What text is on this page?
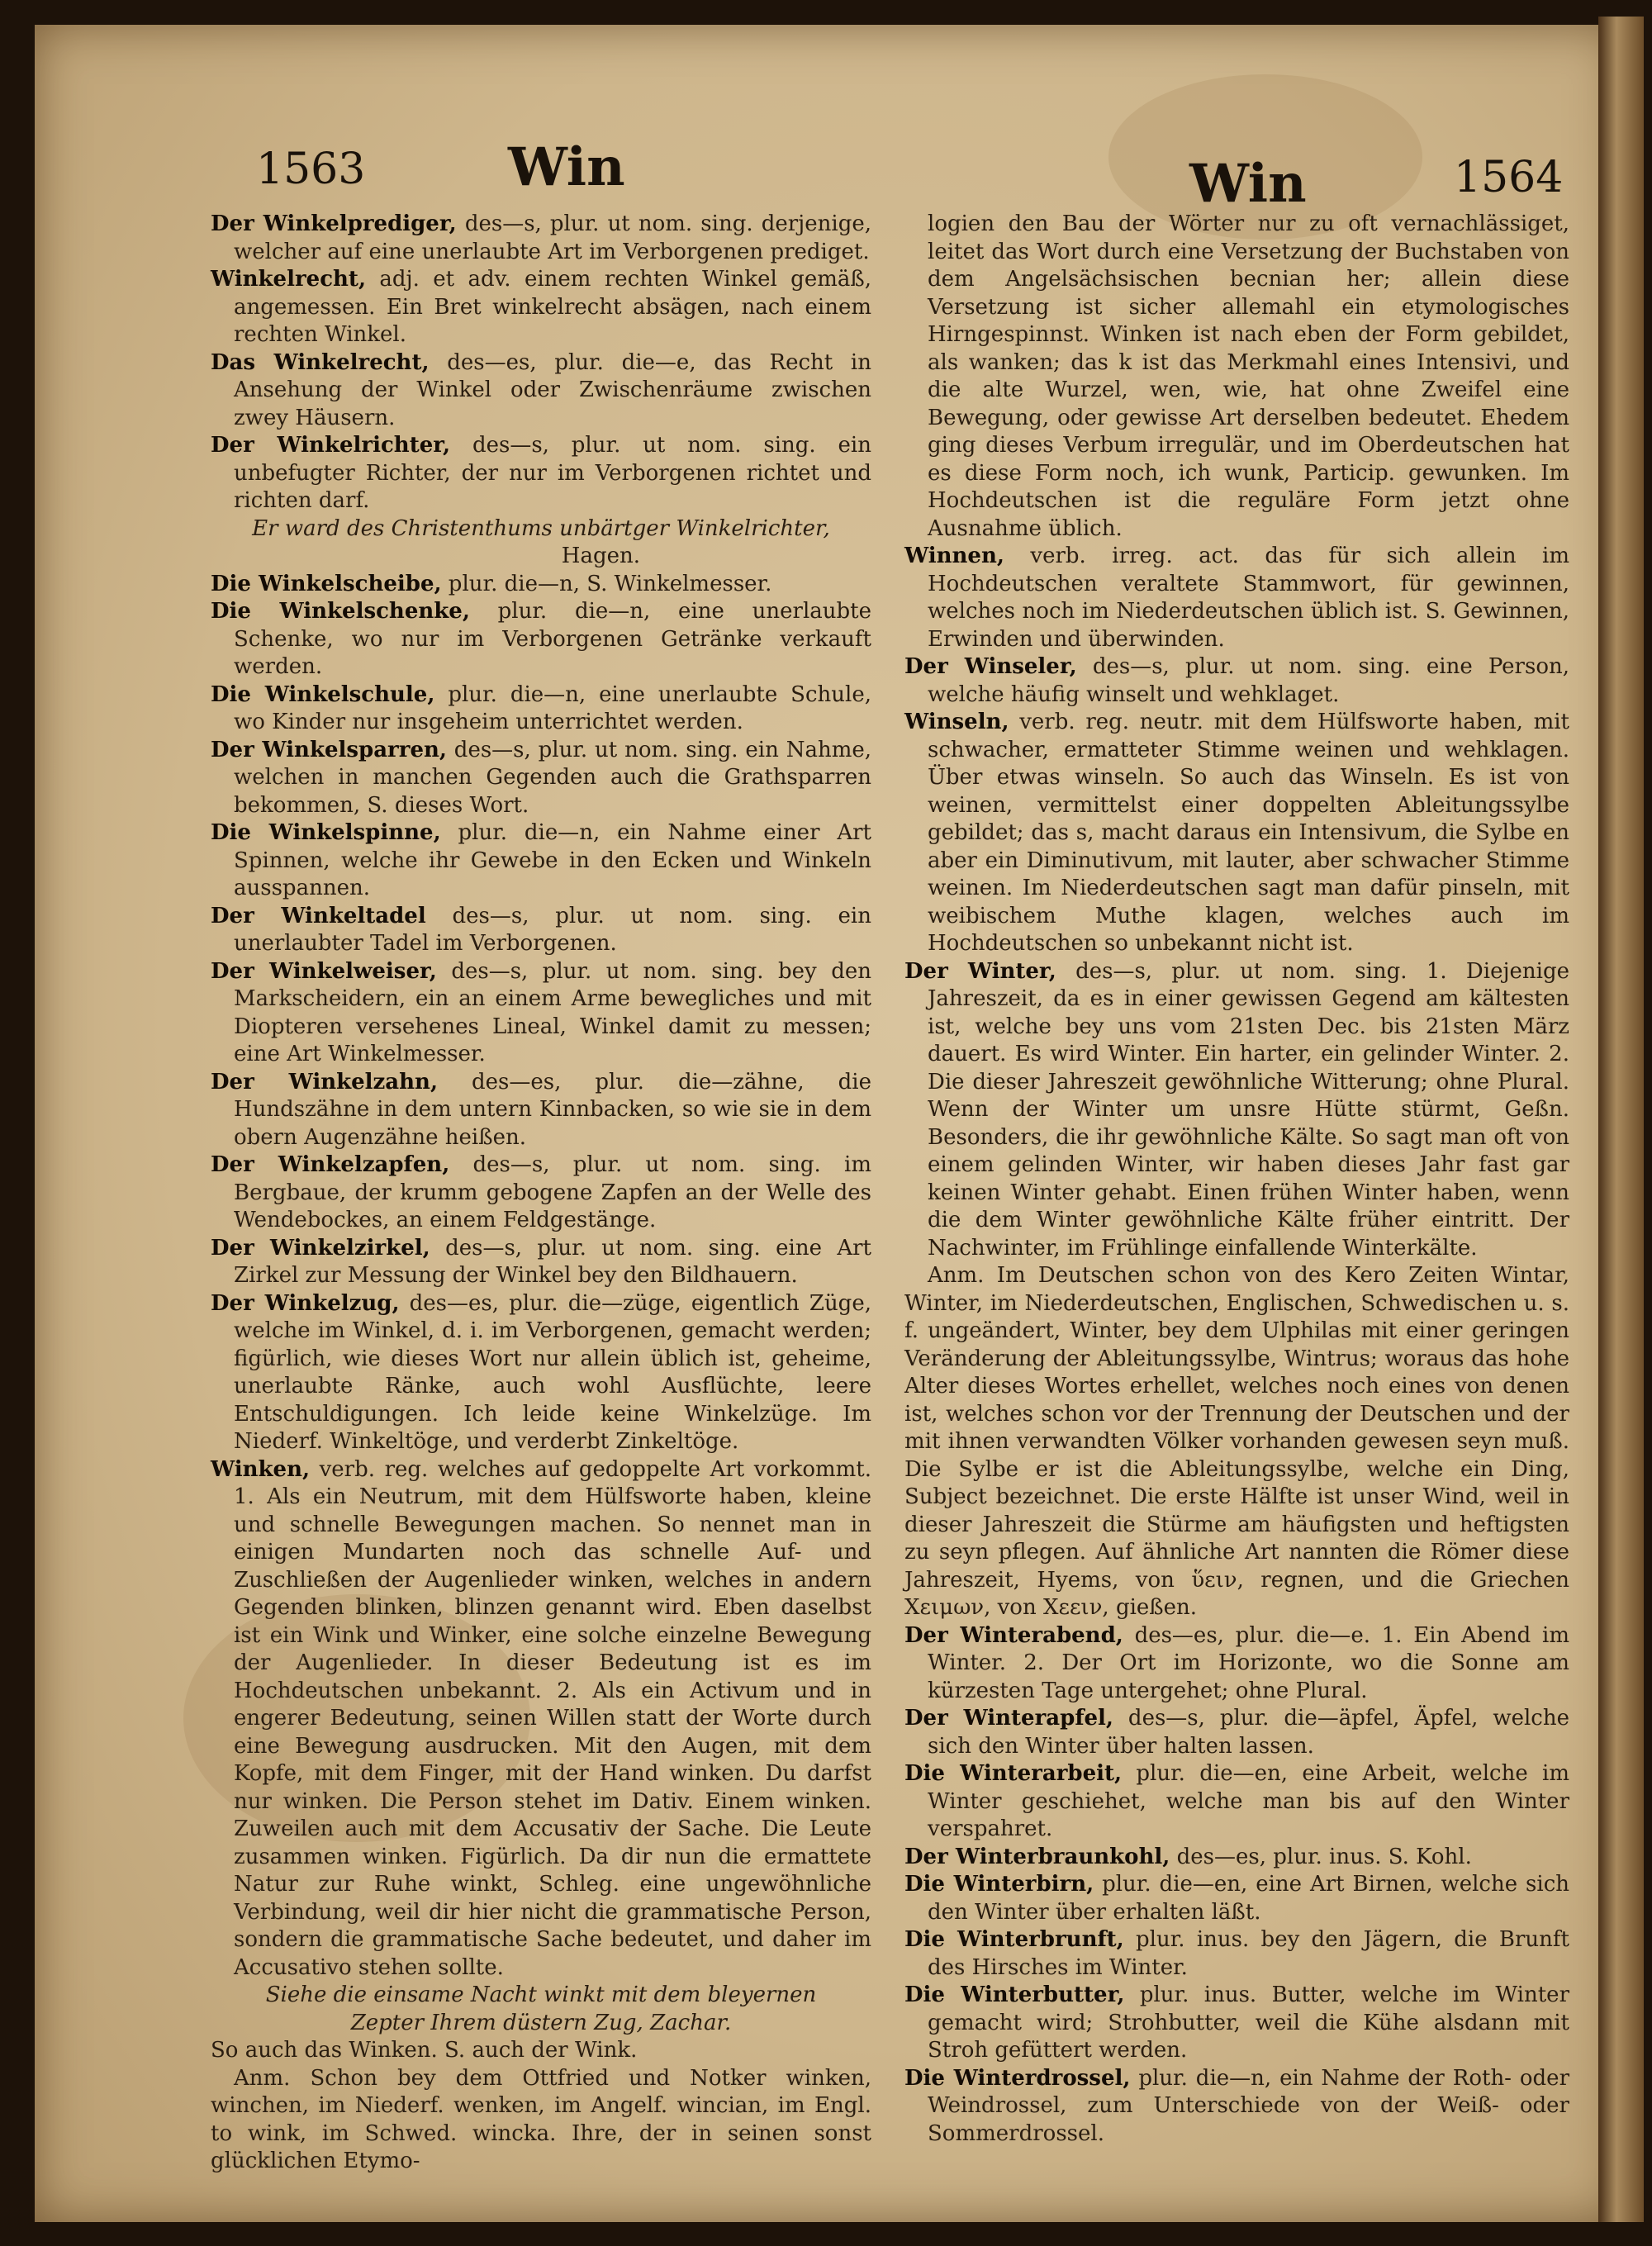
1563	Win	Win	1564
Der Winkelprediger, des—s, plur. ut nom. sing. derjenige, welcher auf eine unerlaubte Art im Verborgenen prediget.
Winkelrecht, adj. et adv. einem rechten Winkel gemäß, angemessen. Ein Bret winkelrecht absägen, nach einem rechten Winkel.
Das Winkelrecht, des—es, plur. die—e, das Recht in Ansehung der Winkel oder Zwischenräume zwischen zwey Häusern.
Der Winkelrichter, des—s, plur. ut nom. sing. ein unbefugter Richter, der nur im Verborgenen richtet und richten darf.
Er ward des Christenthums unbärtger Winkelrichter,
Hagen.
Die Winkelscheibe, plur. die—n, S. Winkelmesser.
Die Winkelschenke, plur. die—n, eine unerlaubte Schenke, wo nur im Verborgenen Getränke verkauft werden.
Die Winkelschule, plur. die—n, eine unerlaubte Schule, wo Kinder nur insgeheim unterrichtet werden.
Der Winkelsparren, des—s, plur. ut nom. sing. ein Nahme, welchen in manchen Gegenden auch die Grathsparren bekommen, S. dieses Wort.
Die Winkelspinne, plur. die—n, ein Nahme einer Art Spinnen, welche ihr Gewebe in den Ecken und Winkeln ausspannen.
Der Winkeltadel des—s, plur. ut nom. sing. ein unerlaubter Tadel im Verborgenen.
Der Winkelweiser, des—s, plur. ut nom. sing. bey den Markscheidern, ein an einem Arme bewegliches und mit Diopteren versehenes Lineal, Winkel damit zu messen; eine Art Winkelmesser.
Der Winkelzahn, des—es, plur. die—zähne, die Hundszähne in dem untern Kinnbacken, so wie sie in dem obern Augenzähne heißen.
Der Winkelzapfen, des—s, plur. ut nom. sing. im Bergbaue, der krumm gebogene Zapfen an der Welle des Wendebockes, an einem Feldgestänge.
Der Winkelzirkel, des—s, plur. ut nom. sing. eine Art Zirkel zur Messung der Winkel bey den Bildhauern.
Der Winkelzug, des—es, plur. die—züge, eigentlich Züge, welche im Winkel, d. i. im Verborgenen, gemacht werden; figürlich, wie dieses Wort nur allein üblich ist, geheime, unerlaubte Ränke, auch wohl Ausflüchte, leere Entschuldigungen. Ich leide keine Winkelzüge. Im Niederf. Winkeltöge, und verderbt Zinkeltöge.
Winken, verb. reg. welches auf gedoppelte Art vorkommt. 1. Als ein Neutrum, mit dem Hülfsworte haben, kleine und schnelle Bewegungen machen. So nennet man in einigen Mundarten noch das schnelle Auf- und Zuschließen der Augenlieder winken, welches in andern Gegenden blinken, blinzen genannt wird. Eben daselbst ist ein Wink und Winker, eine solche einzelne Bewegung der Augenlieder. In dieser Bedeutung ist es im Hochdeutschen unbekannt. 2. Als ein Activum und in engerer Bedeutung, seinen Willen statt der Worte durch eine Bewegung ausdrucken. Mit den Augen, mit dem Kopfe, mit dem Finger, mit der Hand winken. Du darfst nur winken. Die Person stehet im Dativ. Einem winken. Zuweilen auch mit dem Accusativ der Sache. Die Leute zusammen winken. Figürlich. Da dir nun die ermattete Natur zur Ruhe winkt, Schleg. eine ungewöhnliche Verbindung, weil dir hier nicht die grammatische Person, sondern die grammatische Sache bedeutet, und daher im Accusativo stehen sollte.
Siehe die einsame Nacht winkt mit dem bleyernen Zepter Ihrem düstern Zug, Zachar.
So auch das Winken. S. auch der Wink.
Anm. Schon bey dem Ottfried und Notker winken, winchen, im Niederf. wenken, im Angelf. wincian, im Engl. to wink, im Schwed. wincka. Ihre, der in seinen sonst glücklichen Etymo-
logien den Bau der Wörter nur zu oft vernachlässiget, leitet das Wort durch eine Versetzung der Buchstaben von dem Angelsächsischen becnian her; allein diese Versetzung ist sicher allemahl ein etymologisches Hirngespinnst. Winken ist nach eben der Form gebildet, als wanken; das k ist das Merkmahl eines Intensivi, und die alte Wurzel, wen, wie, hat ohne Zweifel eine Bewegung, oder gewisse Art derselben bedeutet. Ehedem ging dieses Verbum irregulär, und im Oberdeutschen hat es diese Form noch, ich wunk, Particip. gewunken. Im Hochdeutschen ist die reguläre Form jetzt ohne Ausnahme üblich.
Winnen, verb. irreg. act. das für sich allein im Hochdeutschen veraltete Stammwort, für gewinnen, welches noch im Niederdeutschen üblich ist. S. Gewinnen, Erwinden und überwinden.
Der Winseler, des—s, plur. ut nom. sing. eine Person, welche häufig winselt und wehklaget.
Winseln, verb. reg. neutr. mit dem Hülfsworte haben, mit schwacher, ermatteter Stimme weinen und wehklagen. Über etwas winseln. So auch das Winseln. Es ist von weinen, vermittelst einer doppelten Ableitungssylbe gebildet; das s, macht daraus ein Intensivum, die Sylbe en aber ein Diminutivum, mit lauter, aber schwacher Stimme weinen. Im Niederdeutschen sagt man dafür pinseln, mit weibischem Muthe klagen, welches auch im Hochdeutschen so unbekannt nicht ist.
Der Winter, des—s, plur. ut nom. sing. 1. Diejenige Jahreszeit, da es in einer gewissen Gegend am kältesten ist, welche bey uns vom 21sten Dec. bis 21sten März dauert. Es wird Winter. Ein harter, ein gelinder Winter. 2. Die dieser Jahreszeit gewöhnliche Witterung; ohne Plural. Wenn der Winter um unsre Hütte stürmt, Geßn. Besonders, die ihr gewöhnliche Kälte. So sagt man oft von einem gelinden Winter, wir haben dieses Jahr fast gar keinen Winter gehabt. Einen frühen Winter haben, wenn die dem Winter gewöhnliche Kälte früher eintritt. Der Nachwinter, im Frühlinge einfallende Winterkälte.
Anm. Im Deutschen schon von des Kero Zeiten Wintar, Winter, im Niederdeutschen, Englischen, Schwedischen u. s. f. ungeändert, Winter, bey dem Ulphilas mit einer geringen Veränderung der Ableitungssylbe, Wintrus; woraus das hohe Alter dieses Wortes erhellet, welches noch eines von denen ist, welches schon vor der Trennung der Deutschen und der mit ihnen verwandten Völker vorhanden gewesen seyn muß. Die Sylbe er ist die Ableitungssylbe, welche ein Ding, Subject bezeichnet. Die erste Hälfte ist unser Wind, weil in dieser Jahreszeit die Stürme am häufigsten und heftigsten zu seyn pflegen. Auf ähnliche Art nannten die Römer diese Jahreszeit, Hyems, von ὕειν, regnen, und die Griechen Χειμων, von Χεειν, gießen.
Der Winterabend, des—es, plur. die—e. 1. Ein Abend im Winter. 2. Der Ort im Horizonte, wo die Sonne am kürzesten Tage untergehet; ohne Plural.
Der Winterapfel, des—s, plur. die—äpfel, Äpfel, welche sich den Winter über halten lassen.
Die Winterarbeit, plur. die—en, eine Arbeit, welche im Winter geschiehet, welche man bis auf den Winter verspahret.
Der Winterbraunkohl, des—es, plur. inus. S. Kohl.
Die Winterbirn, plur. die—en, eine Art Birnen, welche sich den Winter über erhalten läßt.
Die Winterbrunft, plur. inus. bey den Jägern, die Brunft des Hirsches im Winter.
Die Winterbutter, plur. inus. Butter, welche im Winter gemacht wird; Strohbutter, weil die Kühe alsdann mit Stroh gefüttert werden.
Die Winterdrossel, plur. die—n, ein Nahme der Roth- oder Weindrossel, zum Unterschiede von der Weiß- oder Sommerdrossel.
